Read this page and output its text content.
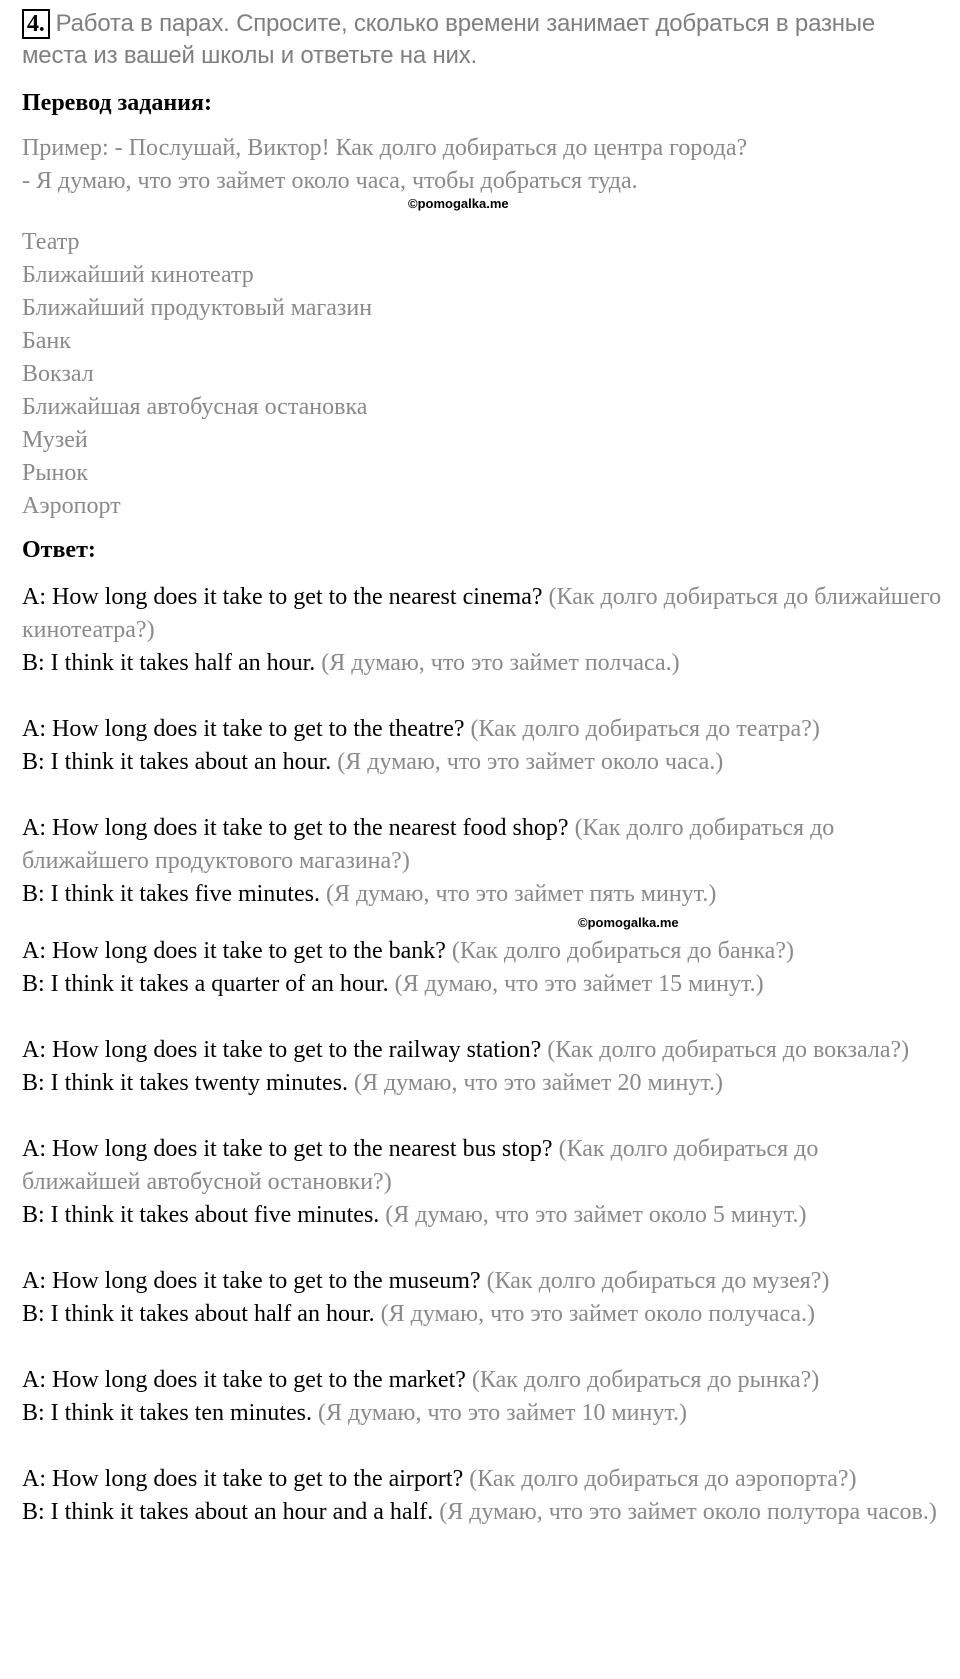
4. Работа в парах. Спросите, сколько времени занимает добраться в разные места из вашей школы и ответьте на них.
Перевод задания:
Пример: - Послушай, Виктор! Как долго добираться до центра города?
- Я думаю, что это займет около часа, чтобы добраться туда.
©pomogalka.me
Театр
Ближайший кинотеатр
Ближайший продуктовый магазин
Банк
Вокзал
Ближайшая автобусная остановка
Музей
Рынок
Аэропорт
Ответ:
A: How long does it take to get to the nearest cinema? (Как долго добираться до ближайшего кинотеатра?)
B: I think it takes half an hour. (Я думаю, что это займет полчаса.)
A: How long does it take to get to the theatre? (Как долго добираться до театра?)
B: I think it takes about an hour. (Я думаю, что это займет около часа.)
A: How long does it take to get to the nearest food shop? (Как долго добираться до ближайшего продуктового магазина?)
B: I think it takes five minutes. (Я думаю, что это займет пять минут.)
©pomogalka.me
A: How long does it take to get to the bank? (Как долго добираться до банка?)
B: I think it takes a quarter of an hour. (Я думаю, что это займет 15 минут.)
A: How long does it take to get to the railway station? (Как долго добираться до вокзала?)
B: I think it takes twenty minutes. (Я думаю, что это займет 20 минут.)
A: How long does it take to get to the nearest bus stop? (Как долго добираться до ближайшей автобусной остановки?)
B: I think it takes about five minutes. (Я думаю, что это займет около 5 минут.)
A: How long does it take to get to the museum? (Как долго добираться до музея?)
B: I think it takes about half an hour. (Я думаю, что это займет около получаса.)
A: How long does it take to get to the market? (Как долго добираться до рынка?)
B: I think it takes ten minutes. (Я думаю, что это займет 10 минут.)
A: How long does it take to get to the airport? (Как долго добираться до аэропорта?)
B: I think it takes about an hour and a half. (Я думаю, что это займет около полутора часов.)
